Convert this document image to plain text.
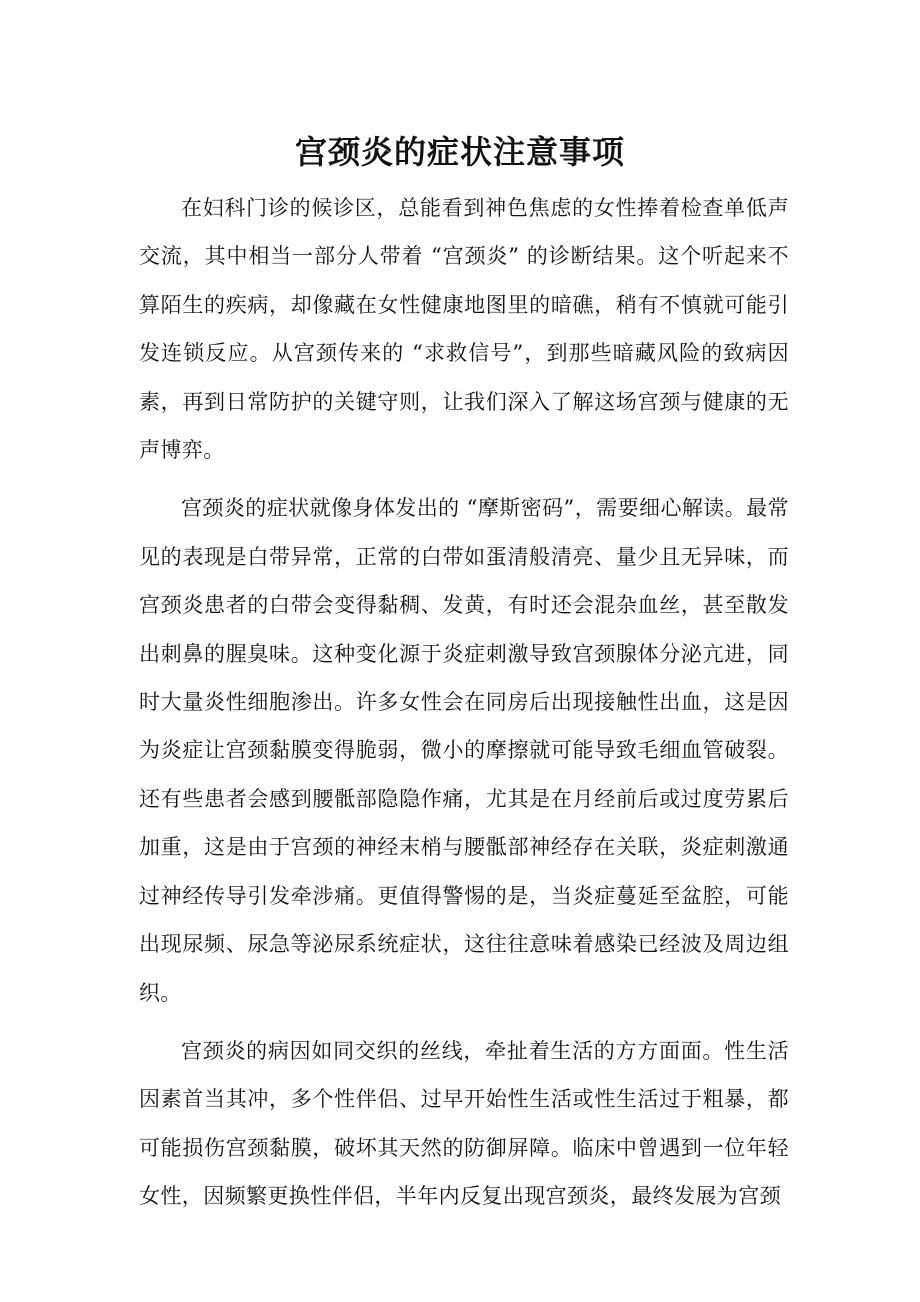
宫颈炎的症状注意事项

在妇科门诊的候诊区，总能看到神色焦虑的女性捧着检查单低声交流，其中相当一部分人带着 “宫颈炎” 的诊断结果。这个听起来不算陌生的疾病，却像藏在女性健康地图里的暗礁，稍有不慎就可能引发连锁反应。从宫颈传来的 “求救信号”，到那些暗藏风险的致病因素，再到日常防护的关键守则，让我们深入了解这场宫颈与健康的无声博弈。

宫颈炎的症状就像身体发出的 “摩斯密码”，需要细心解读。最常见的表现是白带异常，正常的白带如蛋清般清亮、量少且无异味，而宫颈炎患者的白带会变得黏稠、发黄，有时还会混杂血丝，甚至散发出刺鼻的腥臭味。这种变化源于炎症刺激导致宫颈腺体分泌亢进，同时大量炎性细胞渗出。许多女性会在同房后出现接触性出血，这是因为炎症让宫颈黏膜变得脆弱，微小的摩擦就可能导致毛细血管破裂。还有些患者会感到腰骶部隐隐作痛，尤其是在月经前后或过度劳累后加重，这是由于宫颈的神经末梢与腰骶部神经存在关联，炎症刺激通过神经传导引发牵涉痛。更值得警惕的是，当炎症蔓延至盆腔，可能出现尿频、尿急等泌尿系统症状，这往往意味着感染已经波及周边组织。

宫颈炎的病因如同交织的丝线，牵扯着生活的方方面面。性生活因素首当其冲，多个性伴侣、过早开始性生活或性生活过于粗暴，都可能损伤宫颈黏膜，破坏其天然的防御屏障。临床中曾遇到一位年轻女性，因频繁更换性伴侣，半年内反复出现宫颈炎，最终发展为宫颈
